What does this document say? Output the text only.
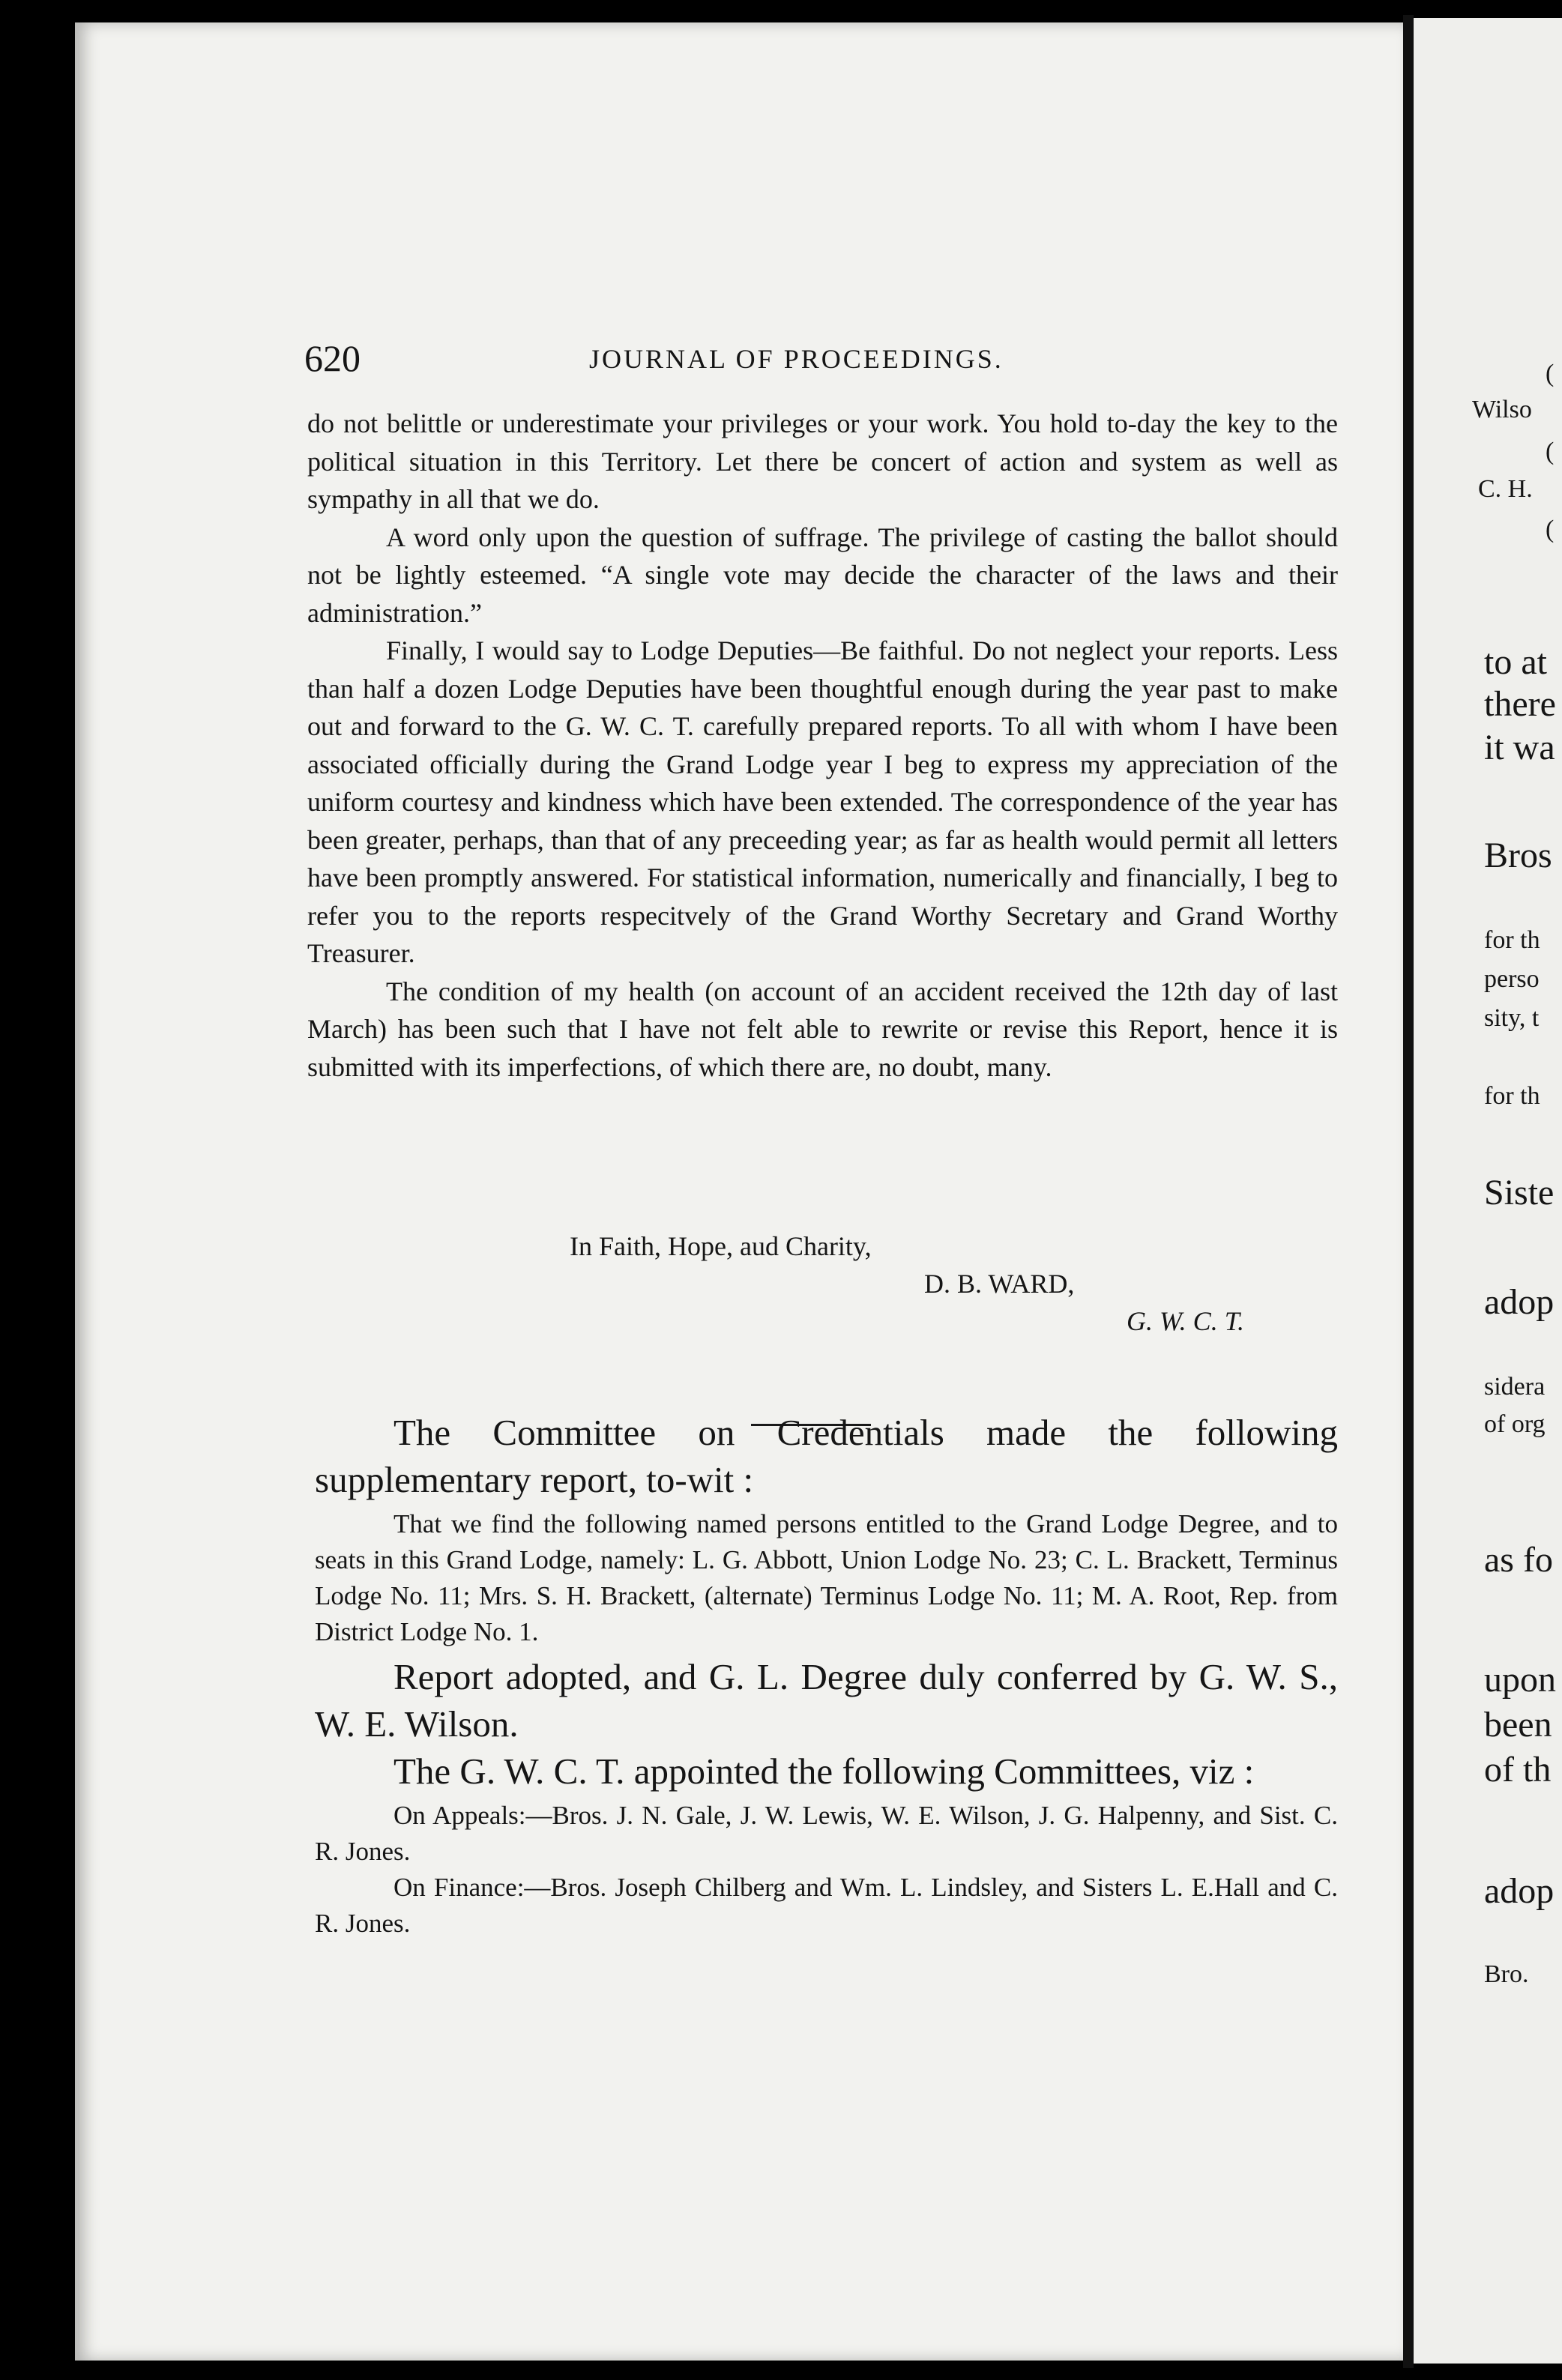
620	JOURNAL OF PROCEEDINGS.

do not belittle or underestimate your privileges or your work. You hold to-day the key to the political situation in this Territory. Let there be concert of action and system as well as sympathy in all that we do.

A word only upon the question of suffrage. The privilege of casting the ballot should not be lightly esteemed. “A single vote may decide the character of the laws and their administration.”

Finally, I would say to Lodge Deputies—Be faithful. Do not neglect your reports. Less than half a dozen Lodge Deputies have been thoughtful enough during the year past to make out and forward to the G. W. C. T. carefully prepared reports. To all with whom I have been associated officially during the Grand Lodge year I beg to express my appreciation of the uniform courtesy and kindness which have been extended. The correspondence of the year has been greater, perhaps, than that of any preceeding year; as far as health would permit all letters have been promptly answered. For statistical information, numerically and financially, I beg to refer you to the reports respecitvely of the Grand Worthy Secretary and Grand Worthy Treasurer.

The condition of my health (on account of an accident received the 12th day of last March) has been such that I have not felt able to rewrite or revise this Report, hence it is submitted with its imperfections, of which there are, no doubt, many.

In Faith, Hope, aud Charity,
D. B. WARD,
G. W. C. T.

The Committee on Credentials made the following supplementary report, to-wit :

That we find the following named persons entitled to the Grand Lodge Degree, and to seats in this Grand Lodge, namely: L. G. Abbott, Union Lodge No. 23; C. L. Brackett, Terminus Lodge No. 11; Mrs. S. H. Brackett, (alternate) Terminus Lodge No. 11; M. A. Root, Rep. from District Lodge No. 1.

Report adopted, and G. L. Degree duly conferred by G. W. S., W. E. Wilson.

The G. W. C. T. appointed the following Committees, viz :

On Appeals:—Bros. J. N. Gale, J. W. Lewis, W. E. Wilson, J. G. Halpenny, and Sist. C. R. Jones.

On Finance:—Bros. Joseph Chilberg and Wm. L. Lindsley, and Sisters L. E.Hall and C. R. Jones.

(
Wilso
(
C. H.
(
to at
there
it wa
Bros
for th
perso
sity, t
for th
Siste
adop
sidera
of org
as fo
upon
been
of th
adop
Bro.
